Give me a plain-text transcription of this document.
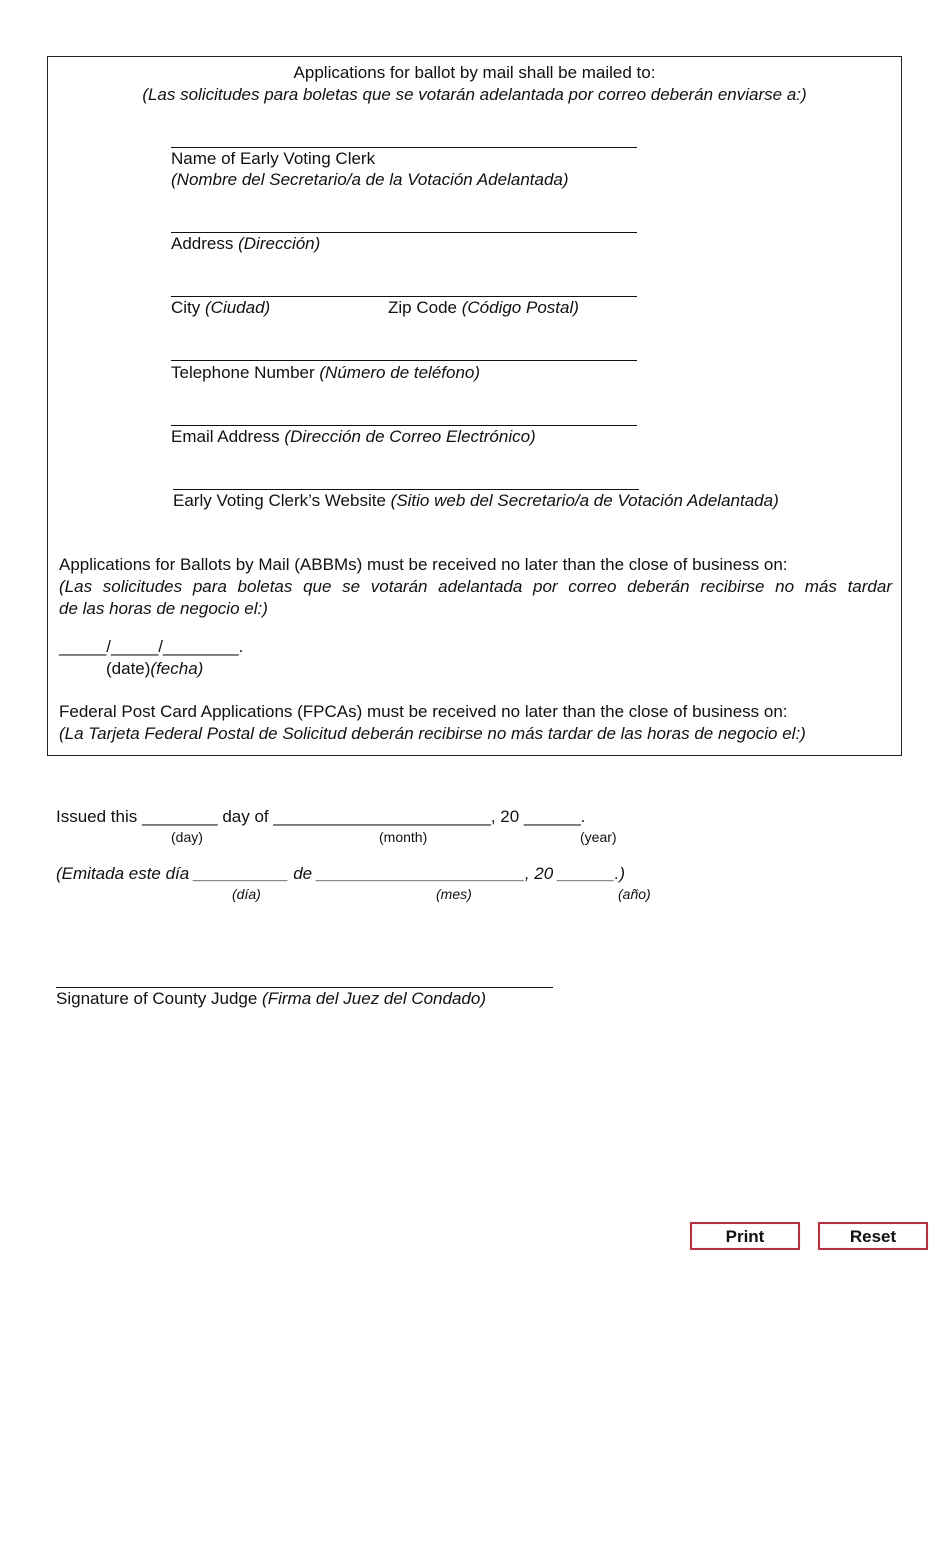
Applications for ballot by mail shall be mailed to:
(Las solicitudes para boletas que se votarán adelantada por correo deberán enviarse a:)
Name of Early Voting Clerk
(Nombre del Secretario/a de la Votación Adelantada)
Address (Dirección)
City (Ciudad)	Zip Code (Código Postal)
Telephone Number (Número de teléfono)
Email Address (Dirección de Correo Electrónico)
Early Voting Clerk’s Website (Sitio web del Secretario/a de Votación Adelantada)
Applications for Ballots by Mail (ABBMs) must be received no later than the close of business on:
(Las solicitudes para boletas que se votarán adelantada por correo deberán recibirse no más tardar
de las horas de negocio el:)
_____/_____/________.
(date)(fecha)
Federal Post Card Applications (FPCAs) must be received no later than the close of business on:
(La Tarjeta Federal Postal de Solicitud deberán recibirse no más tardar de las horas de negocio el:)
Issued this ________ day of _______________________, 20 ______.
(day)	(month)	(year)
(Emitada este día __________ de ______________________, 20 ______.)
(día)	(mes)	(año)
Signature of County Judge (Firma del Juez del Condado)
Print	Reset
